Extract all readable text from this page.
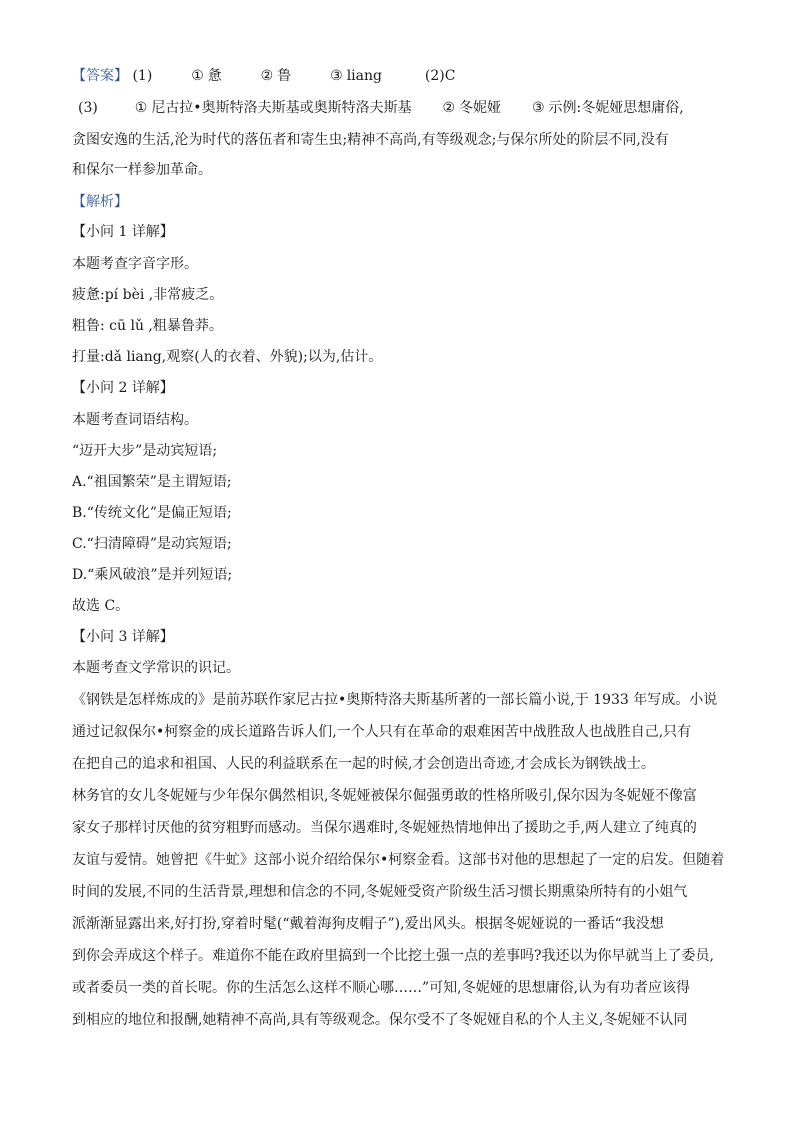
【答案】 (1)	① 惫	② 鲁	③ liang	(2)C
(3)	① 尼古拉•奥斯特洛夫斯基或奥斯特洛夫斯基 ② 冬妮娅 ③ 示例:冬妮娅思想庸俗,
贪图安逸的生活,沦为时代的落伍者和寄生虫;精神不高尚,有等级观念;与保尔所处的阶层不同,没有
和保尔一样参加革命。
【解析】
【小问 1 详解】
本题考查字音字形。
疲惫:pí bèi ,非常疲乏。
粗鲁: cū lǔ ,粗暴鲁莽。
打量:dǎ liang,观察(人的衣着、外貌);以为,估计。
【小问 2 详解】
本题考查词语结构。
“迈开大步”是动宾短语;
A.“祖国繁荣”是主谓短语;
B.“传统文化”是偏正短语;
C.“扫清障碍”是动宾短语;
D.“乘风破浪”是并列短语;
故选 C。
【小问 3 详解】
本题考查文学常识的识记。
《钢铁是怎样炼成的》是前苏联作家尼古拉•奥斯特洛夫斯基所著的一部长篇小说,于 1933 年写成。小说
通过记叙保尔•柯察金的成长道路告诉人们,一个人只有在革命的艰难困苦中战胜敌人也战胜自己,只有
在把自己的追求和祖国、人民的利益联系在一起的时候,才会创造出奇迹,才会成长为钢铁战士。
林务官的女儿冬妮娅与少年保尔偶然相识,冬妮娅被保尔倔强勇敢的性格所吸引,保尔因为冬妮娅不像富
家女子那样讨厌他的贫穷粗野而感动。当保尔遇难时,冬妮娅热情地伸出了援助之手,两人建立了纯真的
友谊与爱情。她曾把《牛虻》这部小说介绍给保尔•柯察金看。这部书对他的思想起了一定的启发。但随着
时间的发展,不同的生活背景,理想和信念的不同,冬妮娅受资产阶级生活习惯长期熏染所特有的小姐气
派渐渐显露出来,好打扮,穿着时髦(“戴着海狗皮帽子”),爱出风头。根据冬妮娅说的一番话“我没想
到你会弄成这个样子。难道你不能在政府里搞到一个比挖土强一点的差事吗?我还以为你早就当上了委员,
或者委员一类的首长呢。你的生活怎么这样不顺心哪……”可知,冬妮娅的思想庸俗,认为有功者应该得
到相应的地位和报酬,她精神不高尚,具有等级观念。保尔受不了冬妮娅自私的个人主义,冬妮娅不认同
